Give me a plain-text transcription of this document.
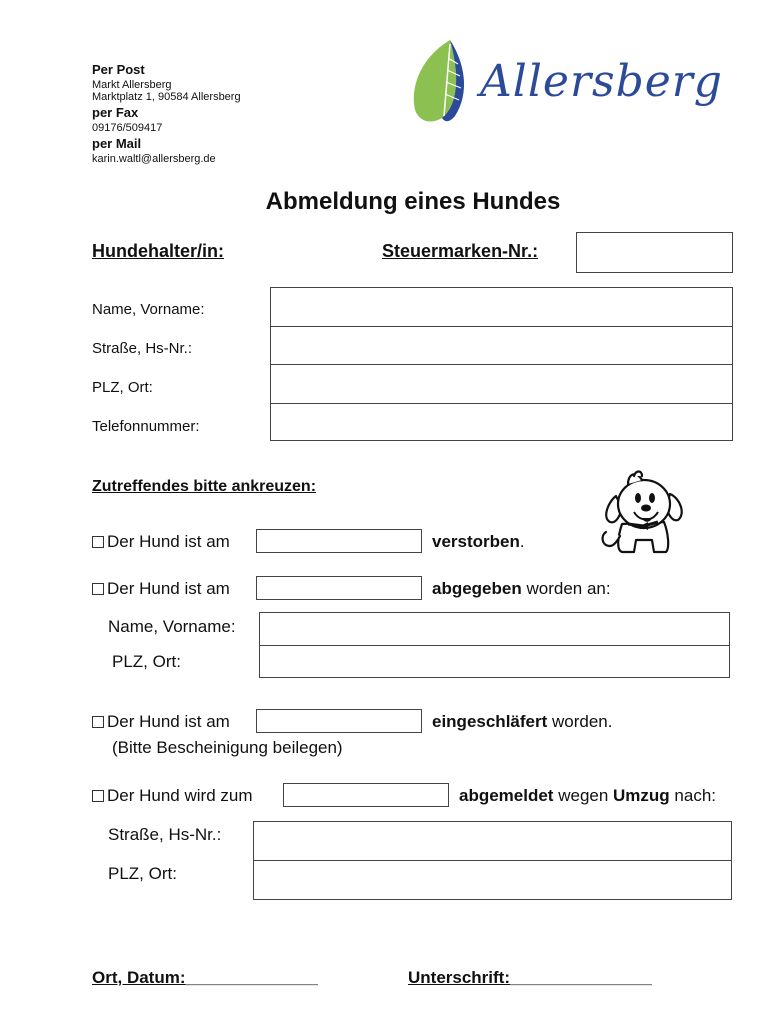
Per Post
Markt Allersberg
Marktplatz 1, 90584 Allersberg
per Fax
09176/509417
per Mail
karin.waltl@allersberg.de
Allersberg
Abmeldung eines Hundes
Hundehalter/in:	Steuermarken-Nr.:
Name, Vorname:
Straße, Hs-Nr.:
PLZ, Ort:
Telefonnummer:
Zutreffendes bitte ankreuzen:
Der Hund ist am	verstorben.
Der Hund ist am	abgegeben worden an:
Name, Vorname:
PLZ, Ort:
Der Hund ist am	eingeschläfert worden.
(Bitte Bescheinigung beilegen)
Der Hund wird zum	abgemeldet wegen Umzug nach:
Straße, Hs-Nr.:
PLZ, Ort:
Ort, Datum:______________	Unterschrift:_______________
